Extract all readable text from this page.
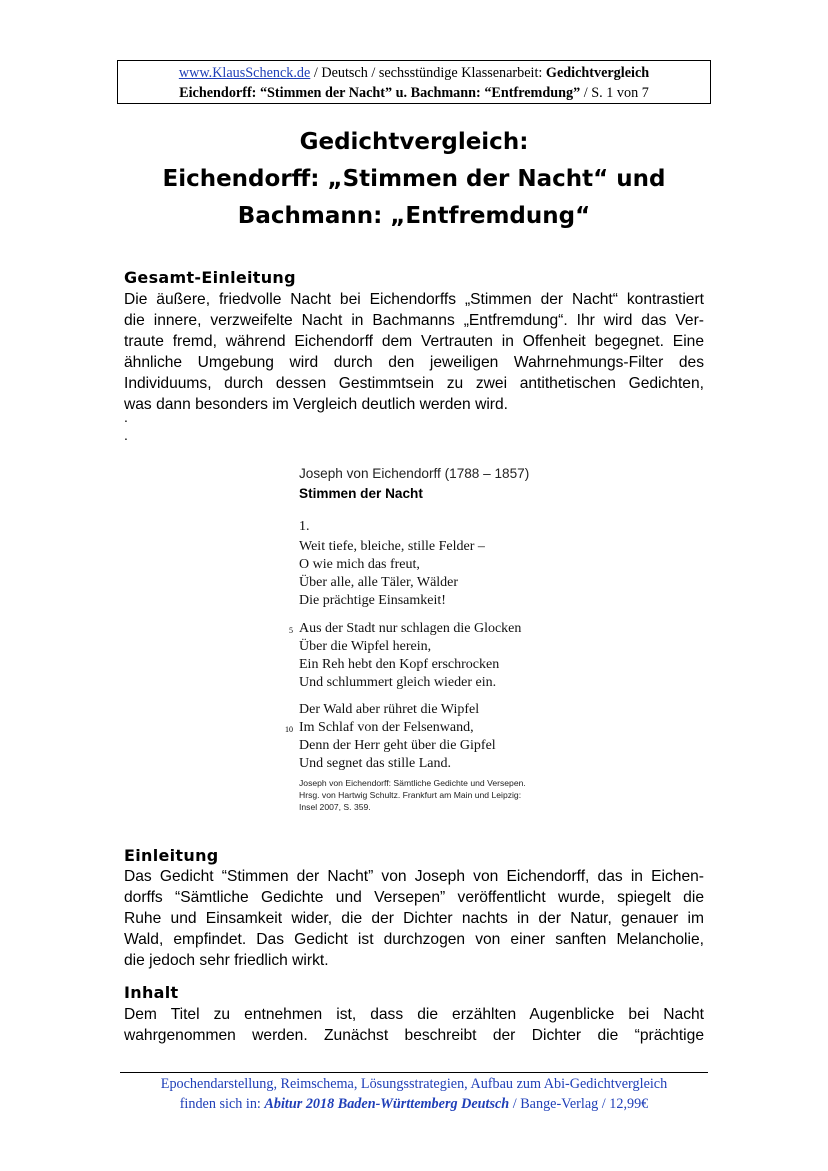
www.KlausSchenck.de / Deutsch / sechsstündige Klassenarbeit: Gedichtvergleich
Eichendorff: “Stimmen der Nacht” u. Bachmann: “Entfremdung” / S. 1 von 7
Gedichtvergleich:
Eichendorff: „Stimmen der Nacht“ und
Bachmann: „Entfremdung“
Gesamt-Einleitung
Die äußere, friedvolle Nacht bei Eichendorffs „Stimmen der Nacht“ kontrastiert
die innere, verzweifelte Nacht in Bachmanns „Entfremdung“. Ihr wird das Ver-
traute fremd, während Eichendorff dem Vertrauten in Offenheit begegnet. Eine
ähnliche Umgebung wird durch den jeweiligen Wahrnehmungs-Filter des
Individuums, durch dessen Gestimmtsein zu zwei antithetischen Gedichten,
was dann besonders im Vergleich deutlich werden wird.
.
.
Joseph von Eichendorff (1788 – 1857)
Stimmen der Nacht
1.
Weit tiefe, bleiche, stille Felder –
O wie mich das freut,
Über alle, alle Täler, Wälder
Die prächtige Einsamkeit!
5 Aus der Stadt nur schlagen die Glocken
Über die Wipfel herein,
Ein Reh hebt den Kopf erschrocken
Und schlummert gleich wieder ein.
Der Wald aber rühret die Wipfel
10 Im Schlaf von der Felsenwand,
Denn der Herr geht über die Gipfel
Und segnet das stille Land.
Joseph von Eichendorff: Sämtliche Gedichte und Versepen.
Hrsg. von Hartwig Schultz. Frankfurt am Main und Leipzig:
Insel 2007, S. 359.
Einleitung
Das Gedicht “Stimmen der Nacht” von Joseph von Eichendorff, das in Eichen-
dorffs “Sämtliche Gedichte und Versepen” veröffentlicht wurde, spiegelt die
Ruhe und Einsamkeit wider, die der Dichter nachts in der Natur, genauer im
Wald, empfindet. Das Gedicht ist durchzogen von einer sanften Melancholie,
die jedoch sehr friedlich wirkt.
Inhalt
Dem Titel zu entnehmen ist, dass die erzählten Augenblicke bei Nacht
wahrgenommen werden. Zunächst beschreibt der Dichter die “prächtige
Epochendarstellung, Reimschema, Lösungsstrategien, Aufbau zum Abi-Gedichtvergleich
finden sich in: Abitur 2018 Baden-Württemberg Deutsch / Bange-Verlag / 12,99€
